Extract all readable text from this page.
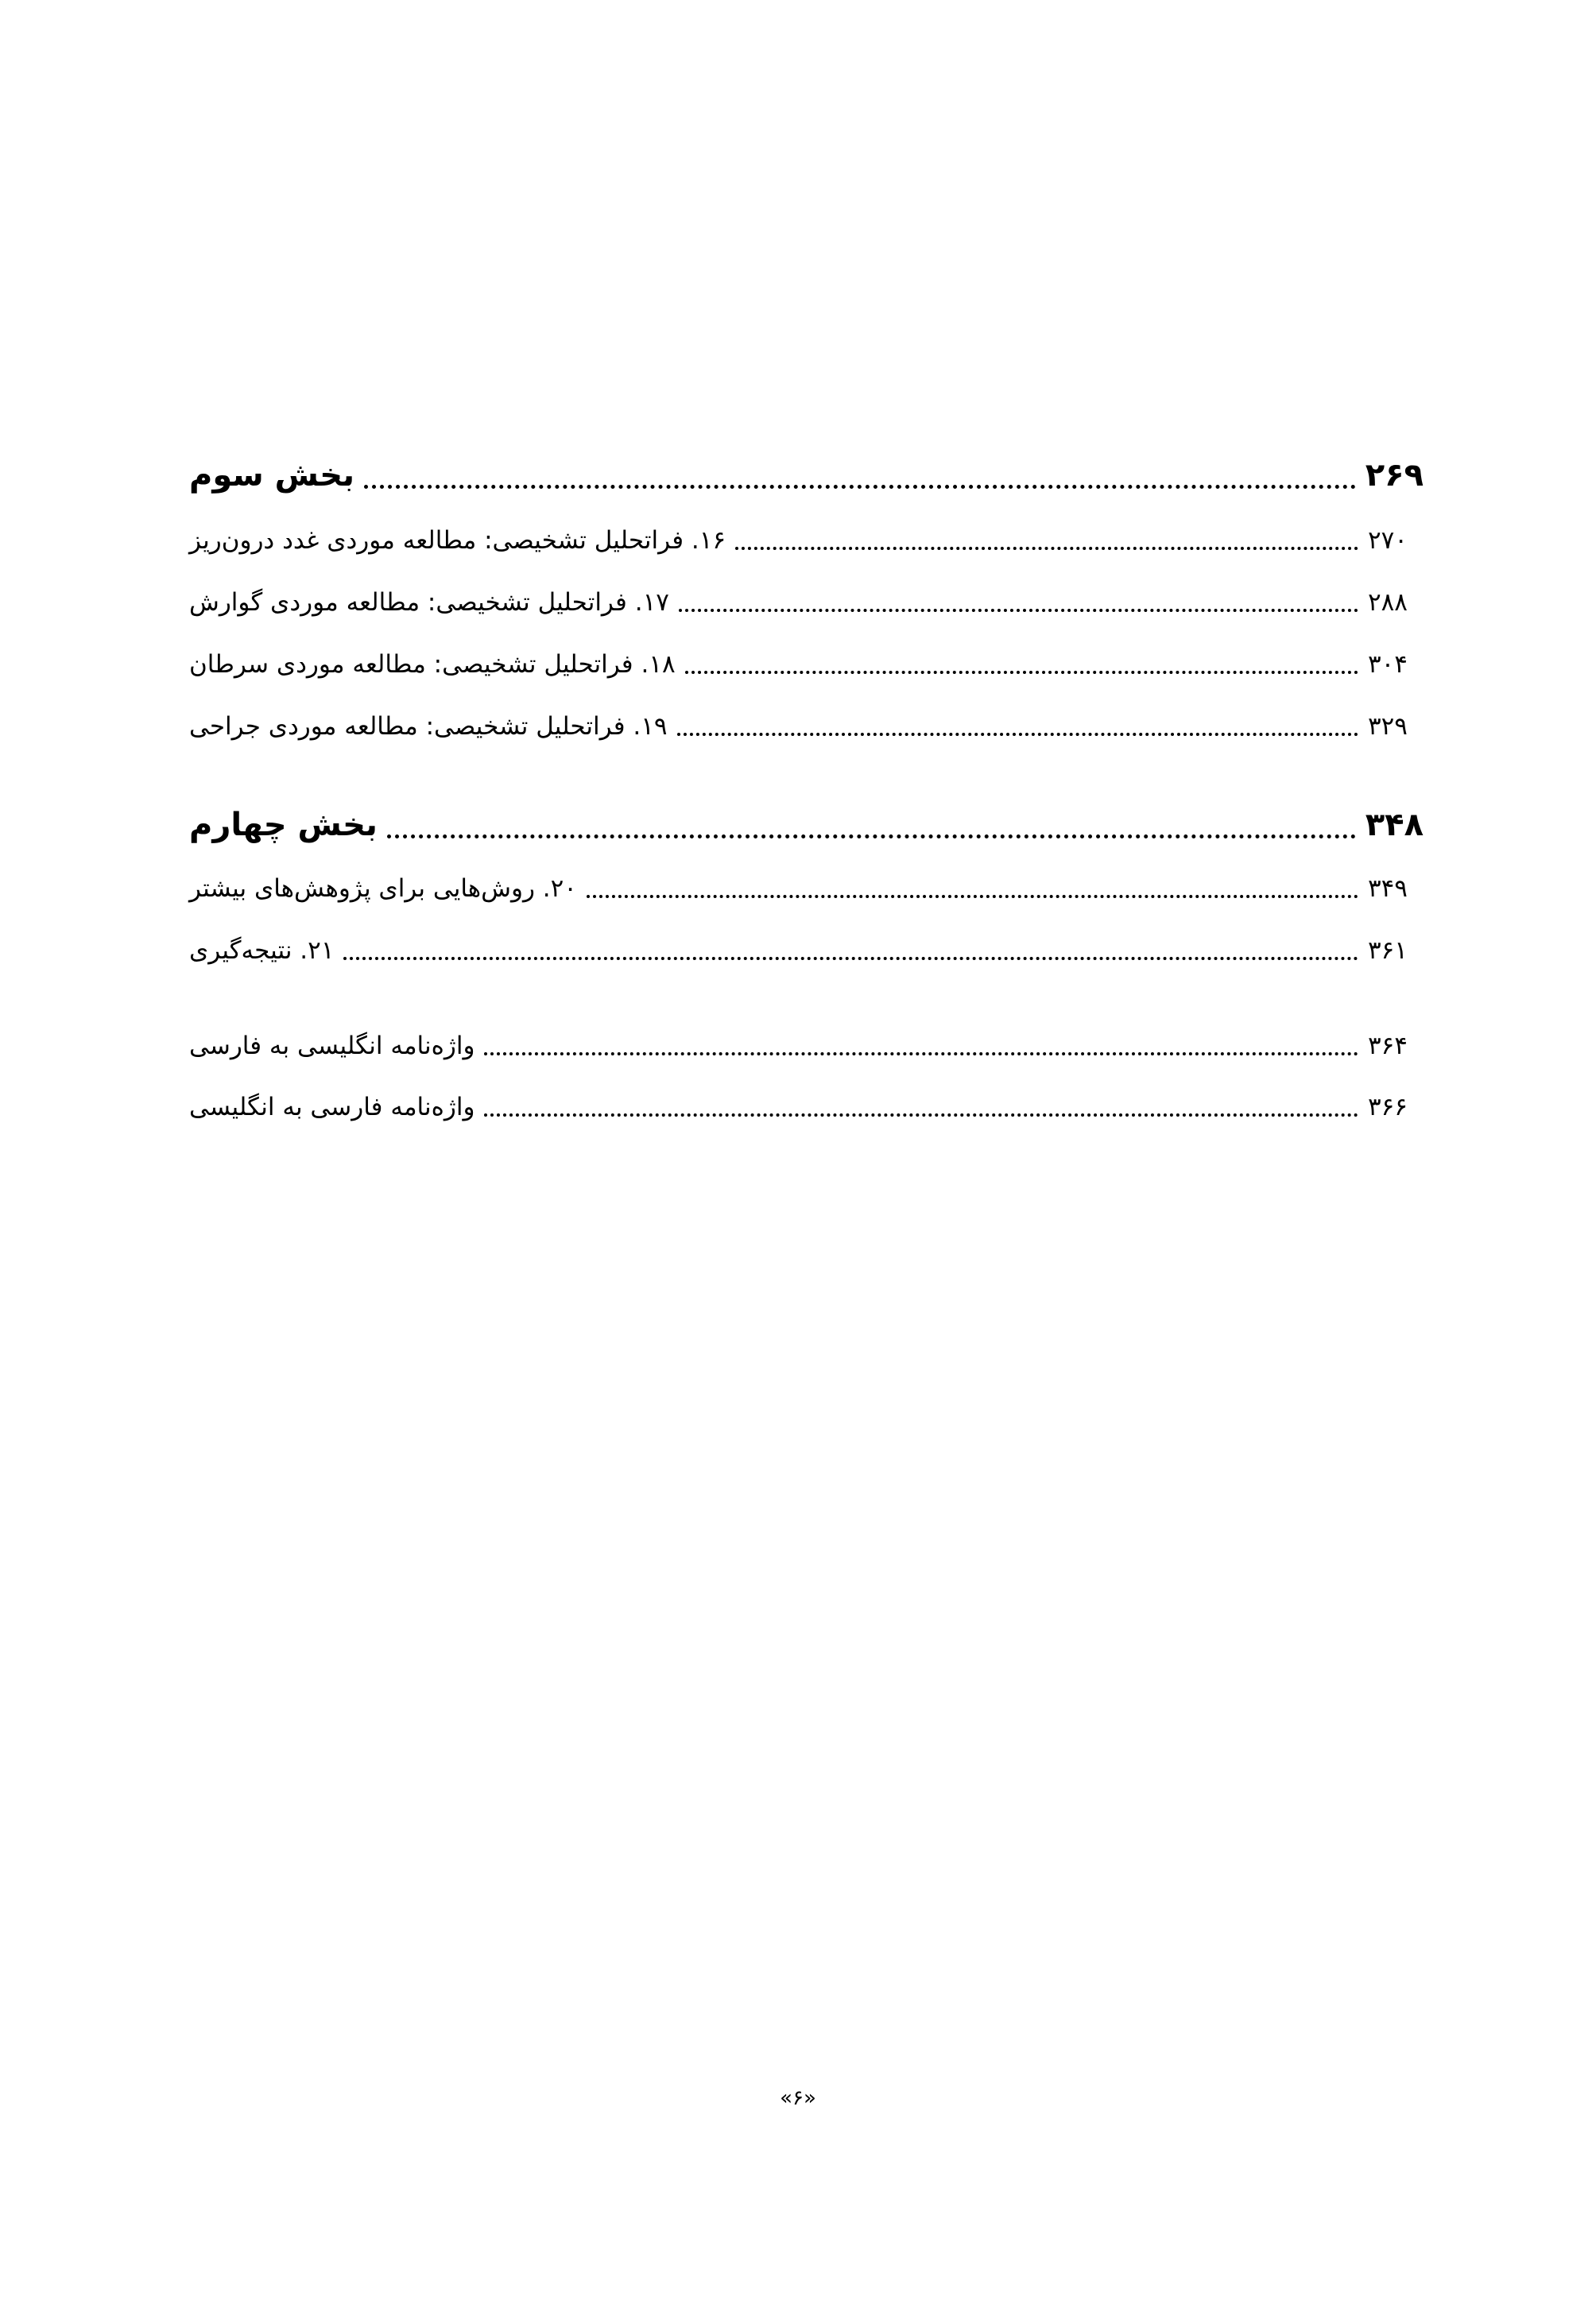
بخش سوم	۲۶۹
۱۶. فراتحلیل تشخیصی: مطالعه موردی غدد درون‌ریز	۲۷۰
۱۷. فراتحلیل تشخیصی: مطالعه موردی گوارش	۲۸۸
۱۸. فراتحلیل تشخیصی: مطالعه موردی سرطان	۳۰۴
۱۹. فراتحلیل تشخیصی: مطالعه موردی جراحی	۳۲۹
بخش چهارم	۳۴۸
۲۰. روش‌هایی برای پژوهش‌های بیشتر	۳۴۹
۲۱. نتیجه‌گیری	۳۶۱
واژه‌نامه انگلیسی به فارسی	۳۶۴
واژه‌نامه فارسی به انگلیسی	۳۶۶
«۶»
